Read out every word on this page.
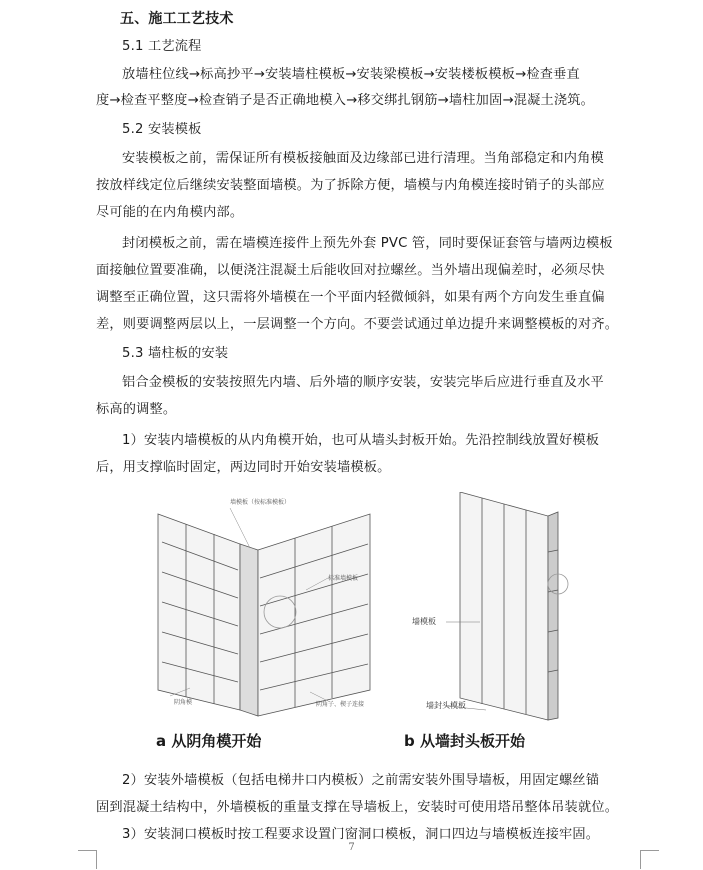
五、施工工艺技术
5.1 工艺流程
放墙柱位线→标高抄平→安装墙柱模板→安装梁模板→安装楼板模板→检查垂直
度→检查平整度→检查销子是否正确地模入→移交绑扎钢筋→墙柱加固→混凝土浇筑。
5.2 安装模板
安装模板之前，需保证所有模板接触面及边缘部已进行清理。当角部稳定和内角模
按放样线定位后继续安装整面墙模。为了拆除方便，墙模与内角模连接时销子的头部应
尽可能的在内角模内部。
封闭模板之前，需在墙模连接件上预先外套 PVC 管，同时要保证套管与墙两边模板
面接触位置要准确，以便浇注混凝土后能收回对拉螺丝。当外墙出现偏差时，必须尽快
调整至正确位置，这只需将外墙模在一个平面内轻微倾斜，如果有两个方向发生垂直偏
差，则要调整两层以上，一层调整一个方向。不要尝试通过单边提升来调整模板的对齐。
5.3 墙柱板的安装
铝合金模板的安装按照先内墙、后外墙的顺序安装，安装完毕后应进行垂直及水平
标高的调整。
1）安装内墙模板的从内角模开始，也可从墙头封板开始。先沿控制线放置好模板
后，用支撑临时固定，两边同时开始安装墙模板。
墙模板（按标准模板）
标准墙模板
阴角模	阴角子、楔子连接
墙模板
墙封头模板
a 从阴角模开始	b 从墙封头板开始
2）安装外墙模板（包括电梯井口内模板）之前需安装外围导墙板，用固定螺丝锚
固到混凝土结构中，外墙模板的重量支撑在导墙板上，安装时可使用塔吊整体吊装就位。
3）安装洞口模板时按工程要求设置门窗洞口模板，洞口四边与墙模板连接牢固。
7
